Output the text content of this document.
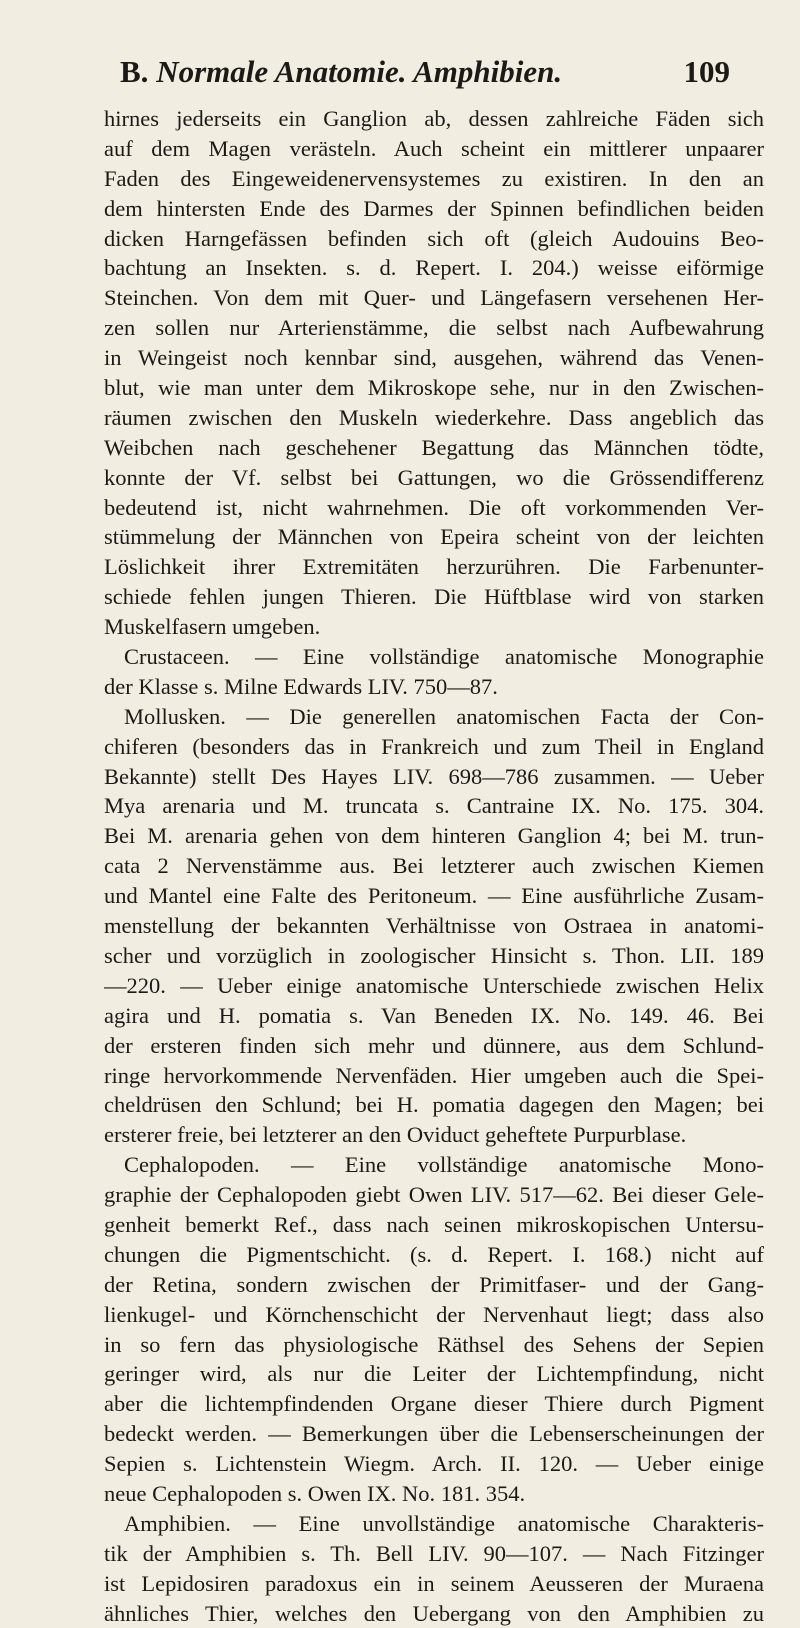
B. Normale Anatomie. Amphibien.	109
hirnes jederseits ein Ganglion ab, dessen zahlreiche Fäden sich
auf dem Magen verästeln. Auch scheint ein mittlerer unpaarer
Faden des Eingeweidenervensystemes zu existiren. In den an
dem hintersten Ende des Darmes der Spinnen befindlichen beiden
dicken Harngefässen befinden sich oft (gleich Audouins Beo-
bachtung an Insekten. s. d. Repert. I. 204.) weisse eiförmige
Steinchen. Von dem mit Quer- und Längefasern versehenen Her-
zen sollen nur Arterienstämme, die selbst nach Aufbewahrung
in Weingeist noch kennbar sind, ausgehen, während das Venen-
blut, wie man unter dem Mikroskope sehe, nur in den Zwischen-
räumen zwischen den Muskeln wiederkehre. Dass angeblich das
Weibchen nach geschehener Begattung das Männchen tödte,
konnte der Vf. selbst bei Gattungen, wo die Grössendifferenz
bedeutend ist, nicht wahrnehmen. Die oft vorkommenden Ver-
stümmelung der Männchen von Epeira scheint von der leichten
Löslichkeit ihrer Extremitäten herzurühren. Die Farbenunter-
schiede fehlen jungen Thieren. Die Hüftblase wird von starken
Muskelfasern umgeben.
Crustaceen. — Eine vollständige anatomische Monographie
der Klasse s. Milne Edwards LIV. 750—87.
Mollusken. — Die generellen anatomischen Facta der Con-
chiferen (besonders das in Frankreich und zum Theil in England
Bekannte) stellt Des Hayes LIV. 698—786 zusammen. — Ueber
Mya arenaria und M. truncata s. Cantraine IX. No. 175. 304.
Bei M. arenaria gehen von dem hinteren Ganglion 4; bei M. trun-
cata 2 Nervenstämme aus. Bei letzterer auch zwischen Kiemen
und Mantel eine Falte des Peritoneum. — Eine ausführliche Zusam-
menstellung der bekannten Verhältnisse von Ostraea in anatomi-
scher und vorzüglich in zoologischer Hinsicht s. Thon. LII. 189
—220. — Ueber einige anatomische Unterschiede zwischen Helix
agira und H. pomatia s. Van Beneden IX. No. 149. 46. Bei
der ersteren finden sich mehr und dünnere, aus dem Schlund-
ringe hervorkommende Nervenfäden. Hier umgeben auch die Spei-
cheldrüsen den Schlund; bei H. pomatia dagegen den Magen; bei
ersterer freie, bei letzterer an den Oviduct geheftete Purpurblase.
Cephalopoden. — Eine vollständige anatomische Mono-
graphie der Cephalopoden giebt Owen LIV. 517—62. Bei dieser Gele-
genheit bemerkt Ref., dass nach seinen mikroskopischen Untersu-
chungen die Pigmentschicht. (s. d. Repert. I. 168.) nicht auf
der Retina, sondern zwischen der Primitfaser- und der Gang-
lienkugel- und Körnchenschicht der Nervenhaut liegt; dass also
in so fern das physiologische Räthsel des Sehens der Sepien
geringer wird, als nur die Leiter der Lichtempfindung, nicht
aber die lichtempfindenden Organe dieser Thiere durch Pigment
bedeckt werden. — Bemerkungen über die Lebenserscheinungen der
Sepien s. Lichtenstein Wiegm. Arch. II. 120. — Ueber einige
neue Cephalopoden s. Owen IX. No. 181. 354.
Amphibien. — Eine unvollständige anatomische Charakteris-
tik der Amphibien s. Th. Bell LIV. 90—107. — Nach Fitzinger
ist Lepidosiren paradoxus ein in seinem Aeusseren der Muraena
ähnliches Thier, welches den Uebergang von den Amphibien zu
